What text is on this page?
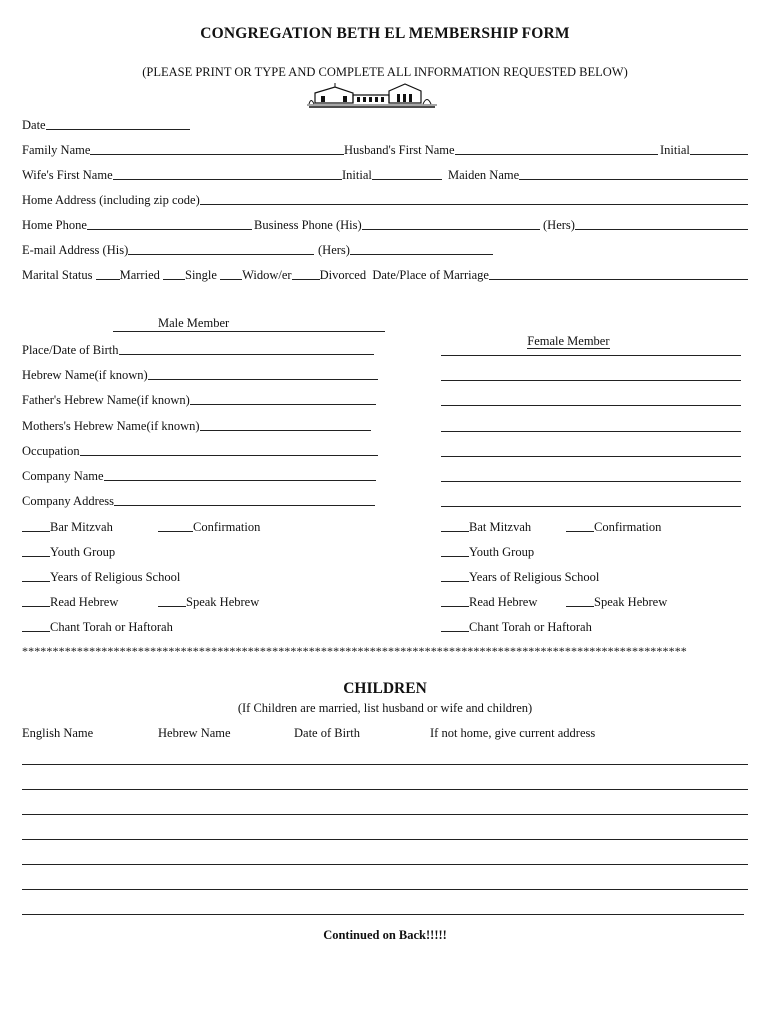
CONGREGATION BETH EL MEMBERSHIP FORM
(PLEASE PRINT OR TYPE AND COMPLETE ALL INFORMATION REQUESTED BELOW)
Date
Family Name	Husband's First Name	Initial
Wife's First Name	Initial	Maiden Name
Home Address (including zip code)
Home Phone	Business Phone (His)	(Hers)
E-mail Address (His)	(Hers)
Marital Status
Married
Single
Widow/er Divorced
Date/Place of Marriage
Male Member

Female Member

Place/Date of Birth
Hebrew Name(if known)
Father's Hebrew Name(if known)
Mothers's Hebrew Name(if known)
Occupation
Company Name
Company Address
Bar Mitzvah	Confirmation	Bat Mitzvah	Confirmation
Youth Group	Youth Group
Years of Religious School	Years of Religious School
Read Hebrew	Speak Hebrew	Read Hebrew	Speak Hebrew
Chant Torah or Haftorah	Chant Torah or Haftorah
*************************************************************************************************************
CHILDREN
(If Children are married, list husband or wife and children)
English Name	Hebrew Name	Date of Birth	If not home, give current address
Continued on Back!!!!!
